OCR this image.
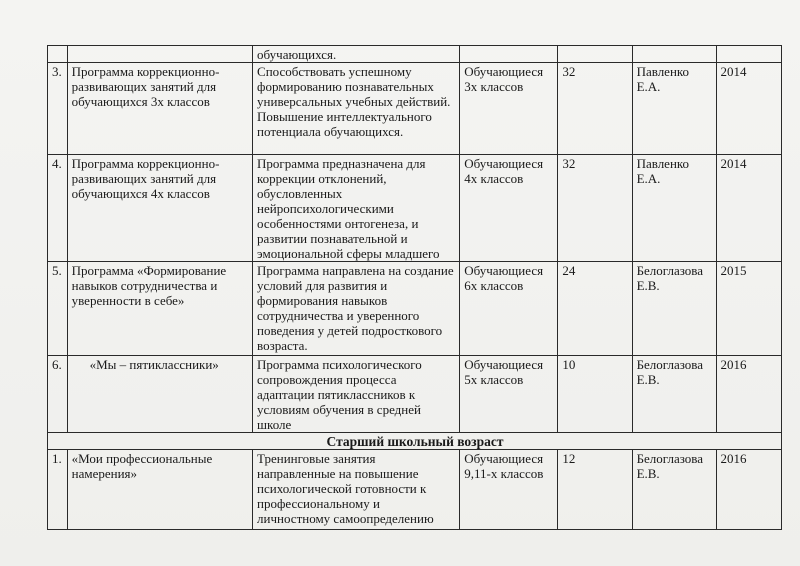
		обучающихся.				
3.	Программа коррекционно-развивающих занятий для обучающихся 3х классов	Способствовать успешному формированию познавательных универсальных учебных действий. Повышение интеллектуального потенциала обучающихся.	Обучающиеся 3х классов	32	Павленко Е.А.	2014
4.	Программа коррекционно-развивающих занятий для обучающихся 4х классов	Программа предназначена для коррекции отклонений, обусловленных нейропсихологическими особенностями онтогенеза, и развитии познавательной и эмоциональной сферы младшего	Обучающиеся 4х классов	32	Павленко Е.А.	2014
5.	Программа «Формирование навыков сотрудничества и уверенности в себе»	Программа направлена на создание условий для развития и формирования навыков сотрудничества и уверенного поведения у детей подросткового возраста.	Обучающиеся 6х классов	24	Белоглазова Е.В.	2015
6.	«Мы – пятиклассники»	Программа психологического сопровождения процесса адаптации пятиклассников к условиям обучения в средней школе	Обучающиеся 5х классов	10	Белоглазова Е.В.	2016
Старший школьный возраст						
1.	«Мои профессиональные намерения»	Тренинговые занятия направленные на повышение психологической готовности к профессиональному и личностному самоопределению	Обучающиеся 9,11-х классов	12	Белоглазова Е.В.	2016
